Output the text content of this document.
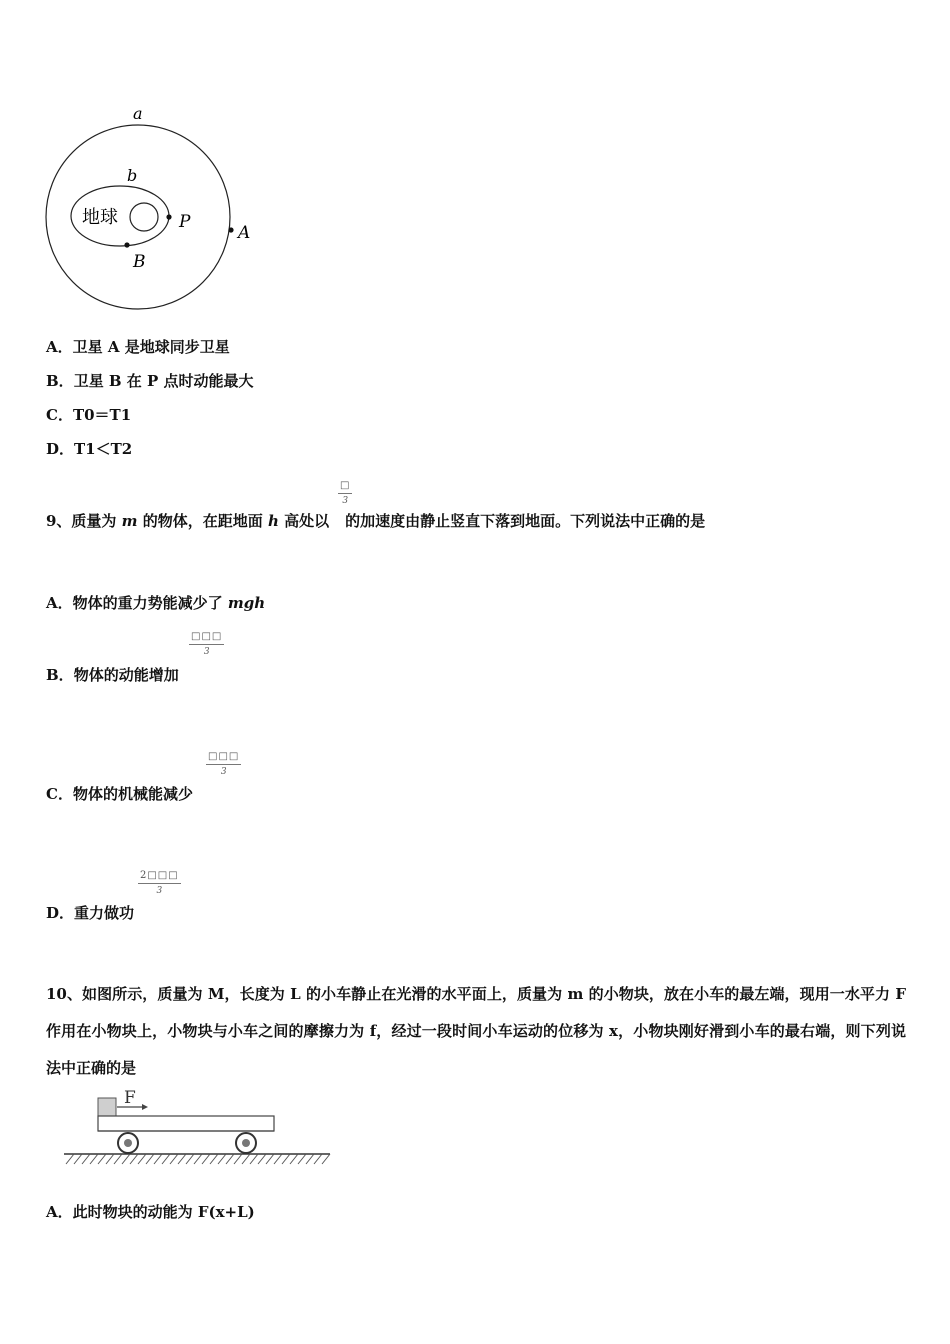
a
b
地球	P
A
B
A．卫星 A 是地球同步卫星
B．卫星 B 在 P 点时动能最大
C．T0＝T1
D．T1＜T2
9、质量为 m 的物体，在距地面 h 高处以 的加速度由静止竖直下落到地面。下列说法中正确的是
□
3
A．物体的重力势能减少了 mgh
B．物体的动能增加
□□□
3
C．物体的机械能减少
□□□
3
D．重力做功
$\frac{2□□□}{3}$
10、如图所示，质量为 M，长度为 L 的小车静止在光滑的水平面上，质量为 m 的小物块，放在小车的最左端，现用一水平力 F 作用在小物块上，小物块与小车之间的摩擦力为 f，经过一段时间小车运动的位移为 x，小物块刚好滑到小车的最右端，则下列说法中正确的是
F
A．此时物块的动能为 F(x+L)
